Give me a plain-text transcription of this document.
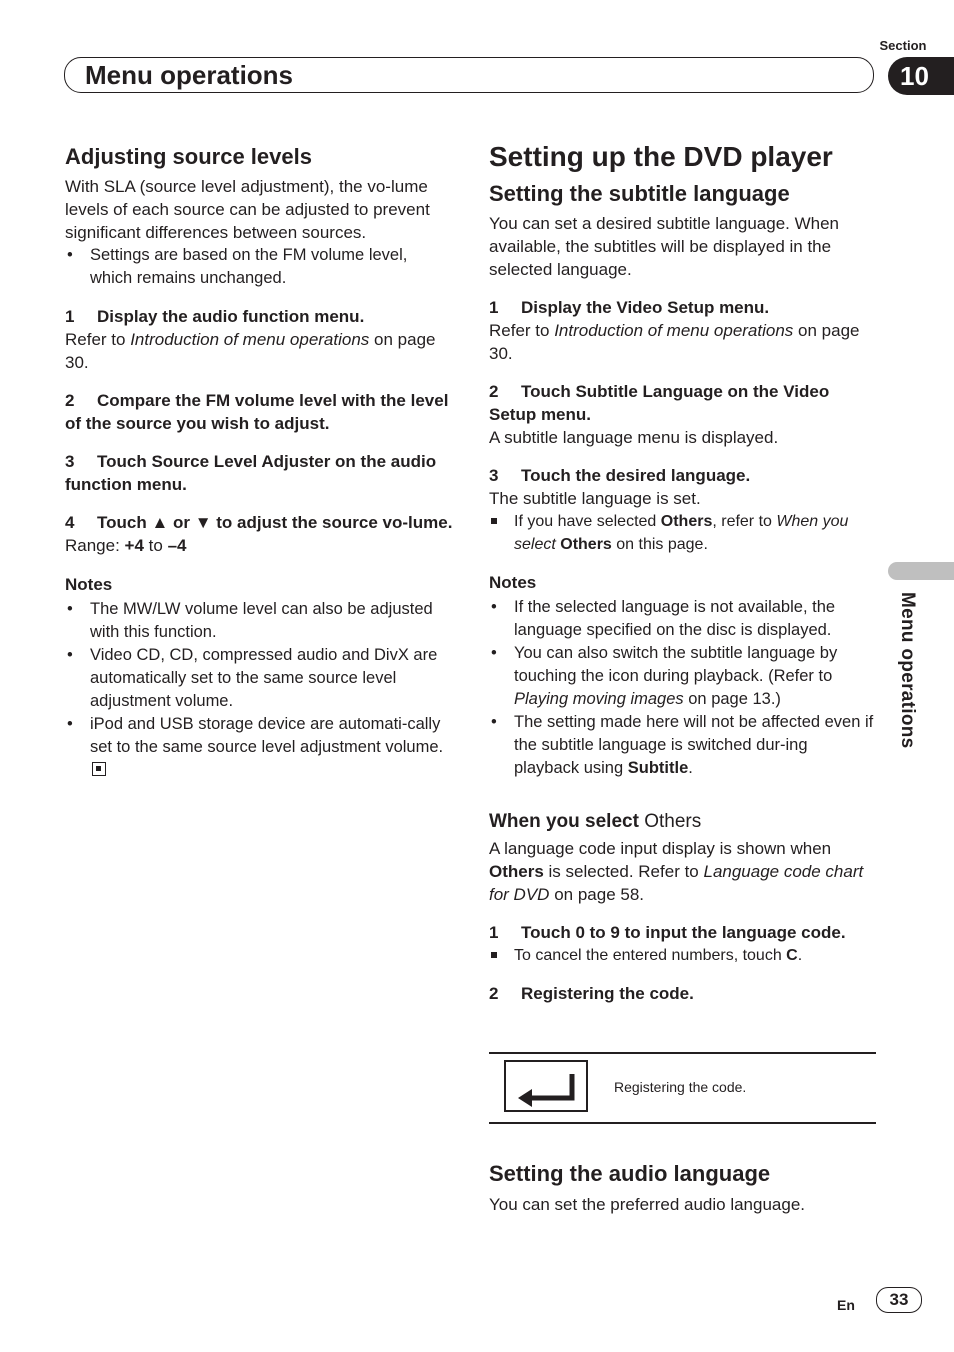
Section
Menu operations	10
Menu operations

Adjusting source levels

With SLA (source level adjustment), the vo-lume levels of each source can be adjusted to prevent significant differences between sources.

• Settings are based on the FM volume level, which remains unchanged.

1 Display the audio function menu.

Refer to Introduction of menu operations on page 30.

2 Compare the FM volume level with the level of the source you wish to adjust.

3 Touch Source Level Adjuster on the audio function menu.

4 Touch ▲ or ▼ to adjust the source vo-lume.

Range: +4 to –4

Notes

• The MW/LW volume level can also be adjusted with this function.
• Video CD, CD, compressed audio and DivX are automatically set to the same source level adjustment volume.
• iPod and USB storage device are automati-cally set to the same source level adjustment volume.

Setting up the DVD player

Setting the subtitle language

You can set a desired subtitle language. When available, the subtitles will be displayed in the selected language.

1 Display the Video Setup menu.

Refer to Introduction of menu operations on page 30.

2 Touch Subtitle Language on the Video Setup menu.

A subtitle language menu is displayed.

3 Touch the desired language.

The subtitle language is set.

If you have selected Others, refer to When you select Others on this page.

Notes

• If the selected language is not available, the language specified on the disc is displayed.
• You can also switch the subtitle language by touching the icon during playback. (Refer to Playing moving images on page 13.)
• The setting made here will not be affected even if the subtitle language is switched dur-ing playback using Subtitle.

When you select Others

A language code input display is shown when Others is selected. Refer to Language code chart for DVD on page 58.

1 Touch 0 to 9 to input the language code.

To cancel the entered numbers, touch C.

2 Registering the code.

Registering the code.

Setting the audio language

You can set the preferred audio language.

En	33
